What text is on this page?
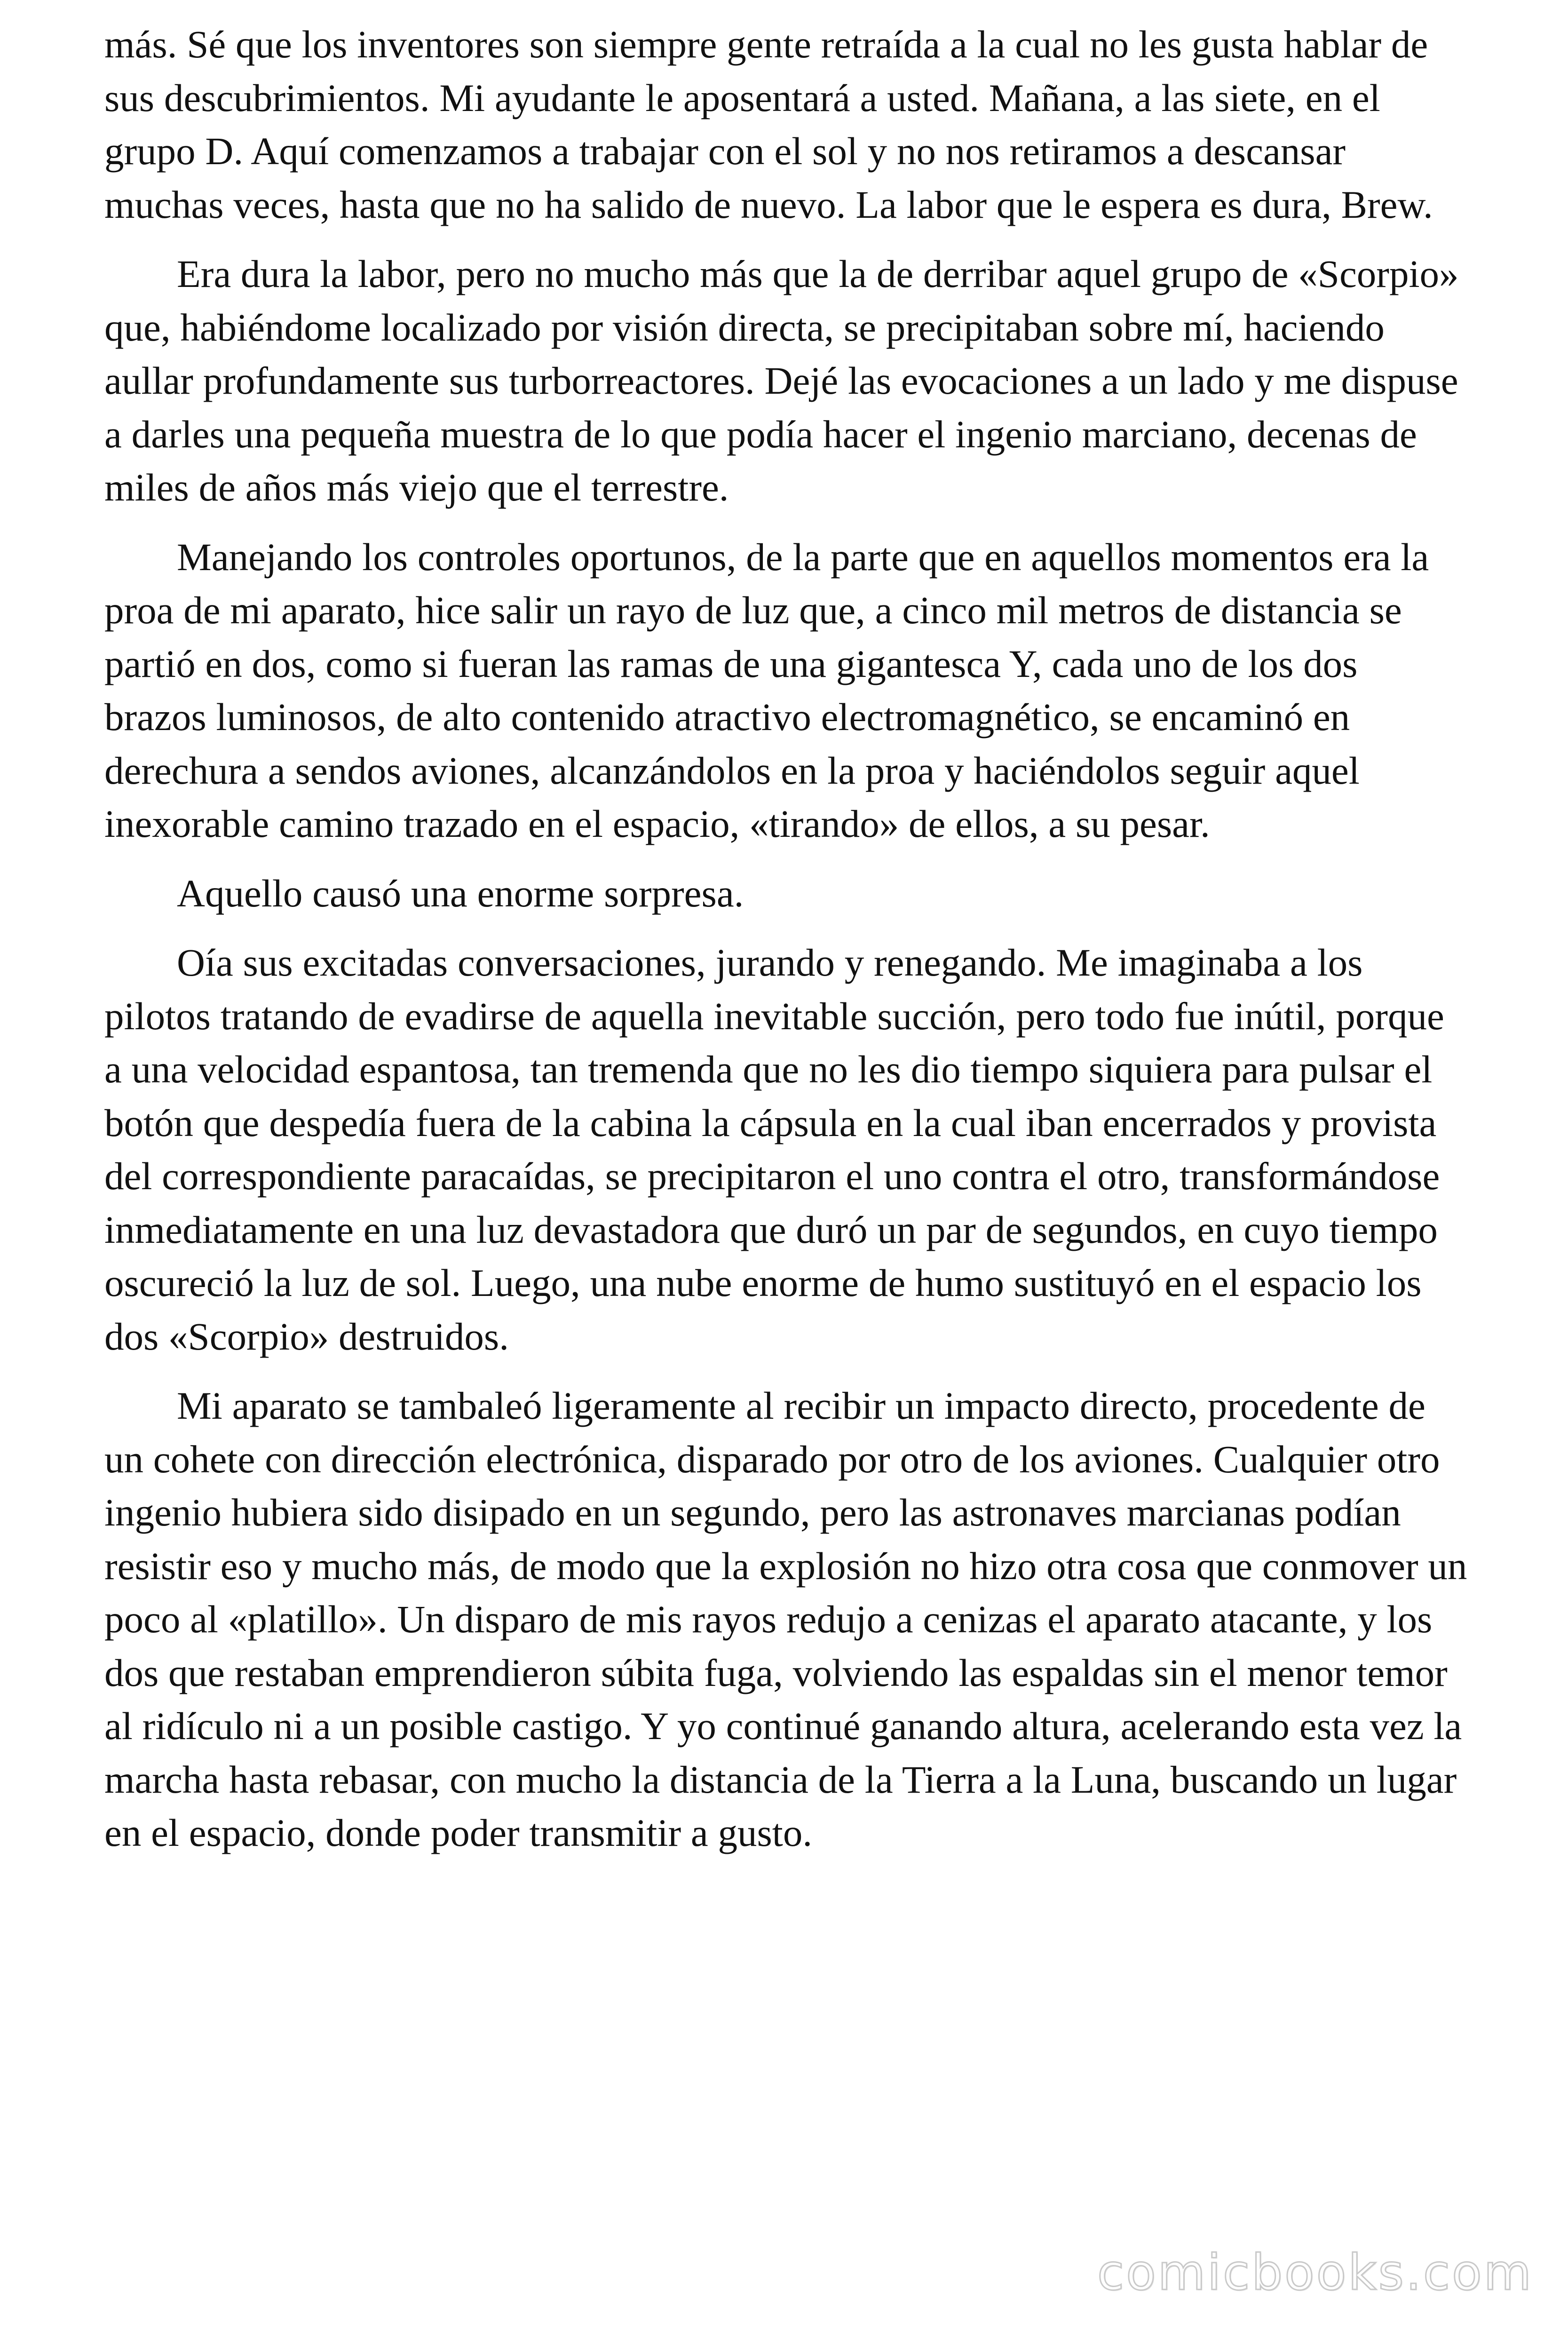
más. Sé que los inventores son siempre gente retraída a la cual no les gusta hablar de sus descubrimientos. Mi ayudante le aposentará a usted. Mañana, a las siete, en el grupo D. Aquí comenzamos a trabajar con el sol y no nos retiramos a descansar muchas veces, hasta que no ha salido de nuevo. La labor que le espera es dura, Brew.

Era dura la labor, pero no mucho más que la de derribar aquel grupo de «Scorpio» que, habiéndome localizado por visión directa, se precipitaban sobre mí, haciendo aullar profundamente sus turborreactores. Dejé las evocaciones a un lado y me dispuse a darles una pequeña muestra de lo que podía hacer el ingenio marciano, decenas de miles de años más viejo que el terrestre.

Manejando los controles oportunos, de la parte que en aquellos momentos era la proa de mi aparato, hice salir un rayo de luz que, a cinco mil metros de distancia se partió en dos, como si fueran las ramas de una gigantesca Y, cada uno de los dos brazos luminosos, de alto contenido atractivo electromagnético, se encaminó en derechura a sendos aviones, alcanzándolos en la proa y haciéndolos seguir aquel inexorable camino trazado en el espacio, «tirando» de ellos, a su pesar.

Aquello causó una enorme sorpresa.

Oía sus excitadas conversaciones, jurando y renegando. Me imaginaba a los pilotos tratando de evadirse de aquella inevitable succión, pero todo fue inútil, porque a una velocidad espantosa, tan tremenda que no les dio tiempo siquiera para pulsar el botón que despedía fuera de la cabina la cápsula en la cual iban encerrados y provista del correspondiente paracaídas, se precipitaron el uno contra el otro, transformándose inmediatamente en una luz devastadora que duró un par de segundos, en cuyo tiempo oscureció la luz de sol. Luego, una nube enorme de humo sustituyó en el espacio los dos «Scorpio» destruidos.

Mi aparato se tambaleó ligeramente al recibir un impacto directo, procedente de un cohete con dirección electrónica, disparado por otro de los aviones. Cualquier otro ingenio hubiera sido disipado en un segundo, pero las astronaves marcianas podían resistir eso y mucho más, de modo que la explosión no hizo otra cosa que conmover un poco al «platillo». Un disparo de mis rayos redujo a cenizas el aparato atacante, y los dos que restaban emprendieron súbita fuga, volviendo las espaldas sin el menor temor al ridículo ni a un posible castigo. Y yo continué ganando altura, acelerando esta vez la marcha hasta rebasar, con mucho la distancia de la Tierra a la Luna, buscando un lugar en el espacio, donde poder transmitir a gusto.

comicbooks.com
